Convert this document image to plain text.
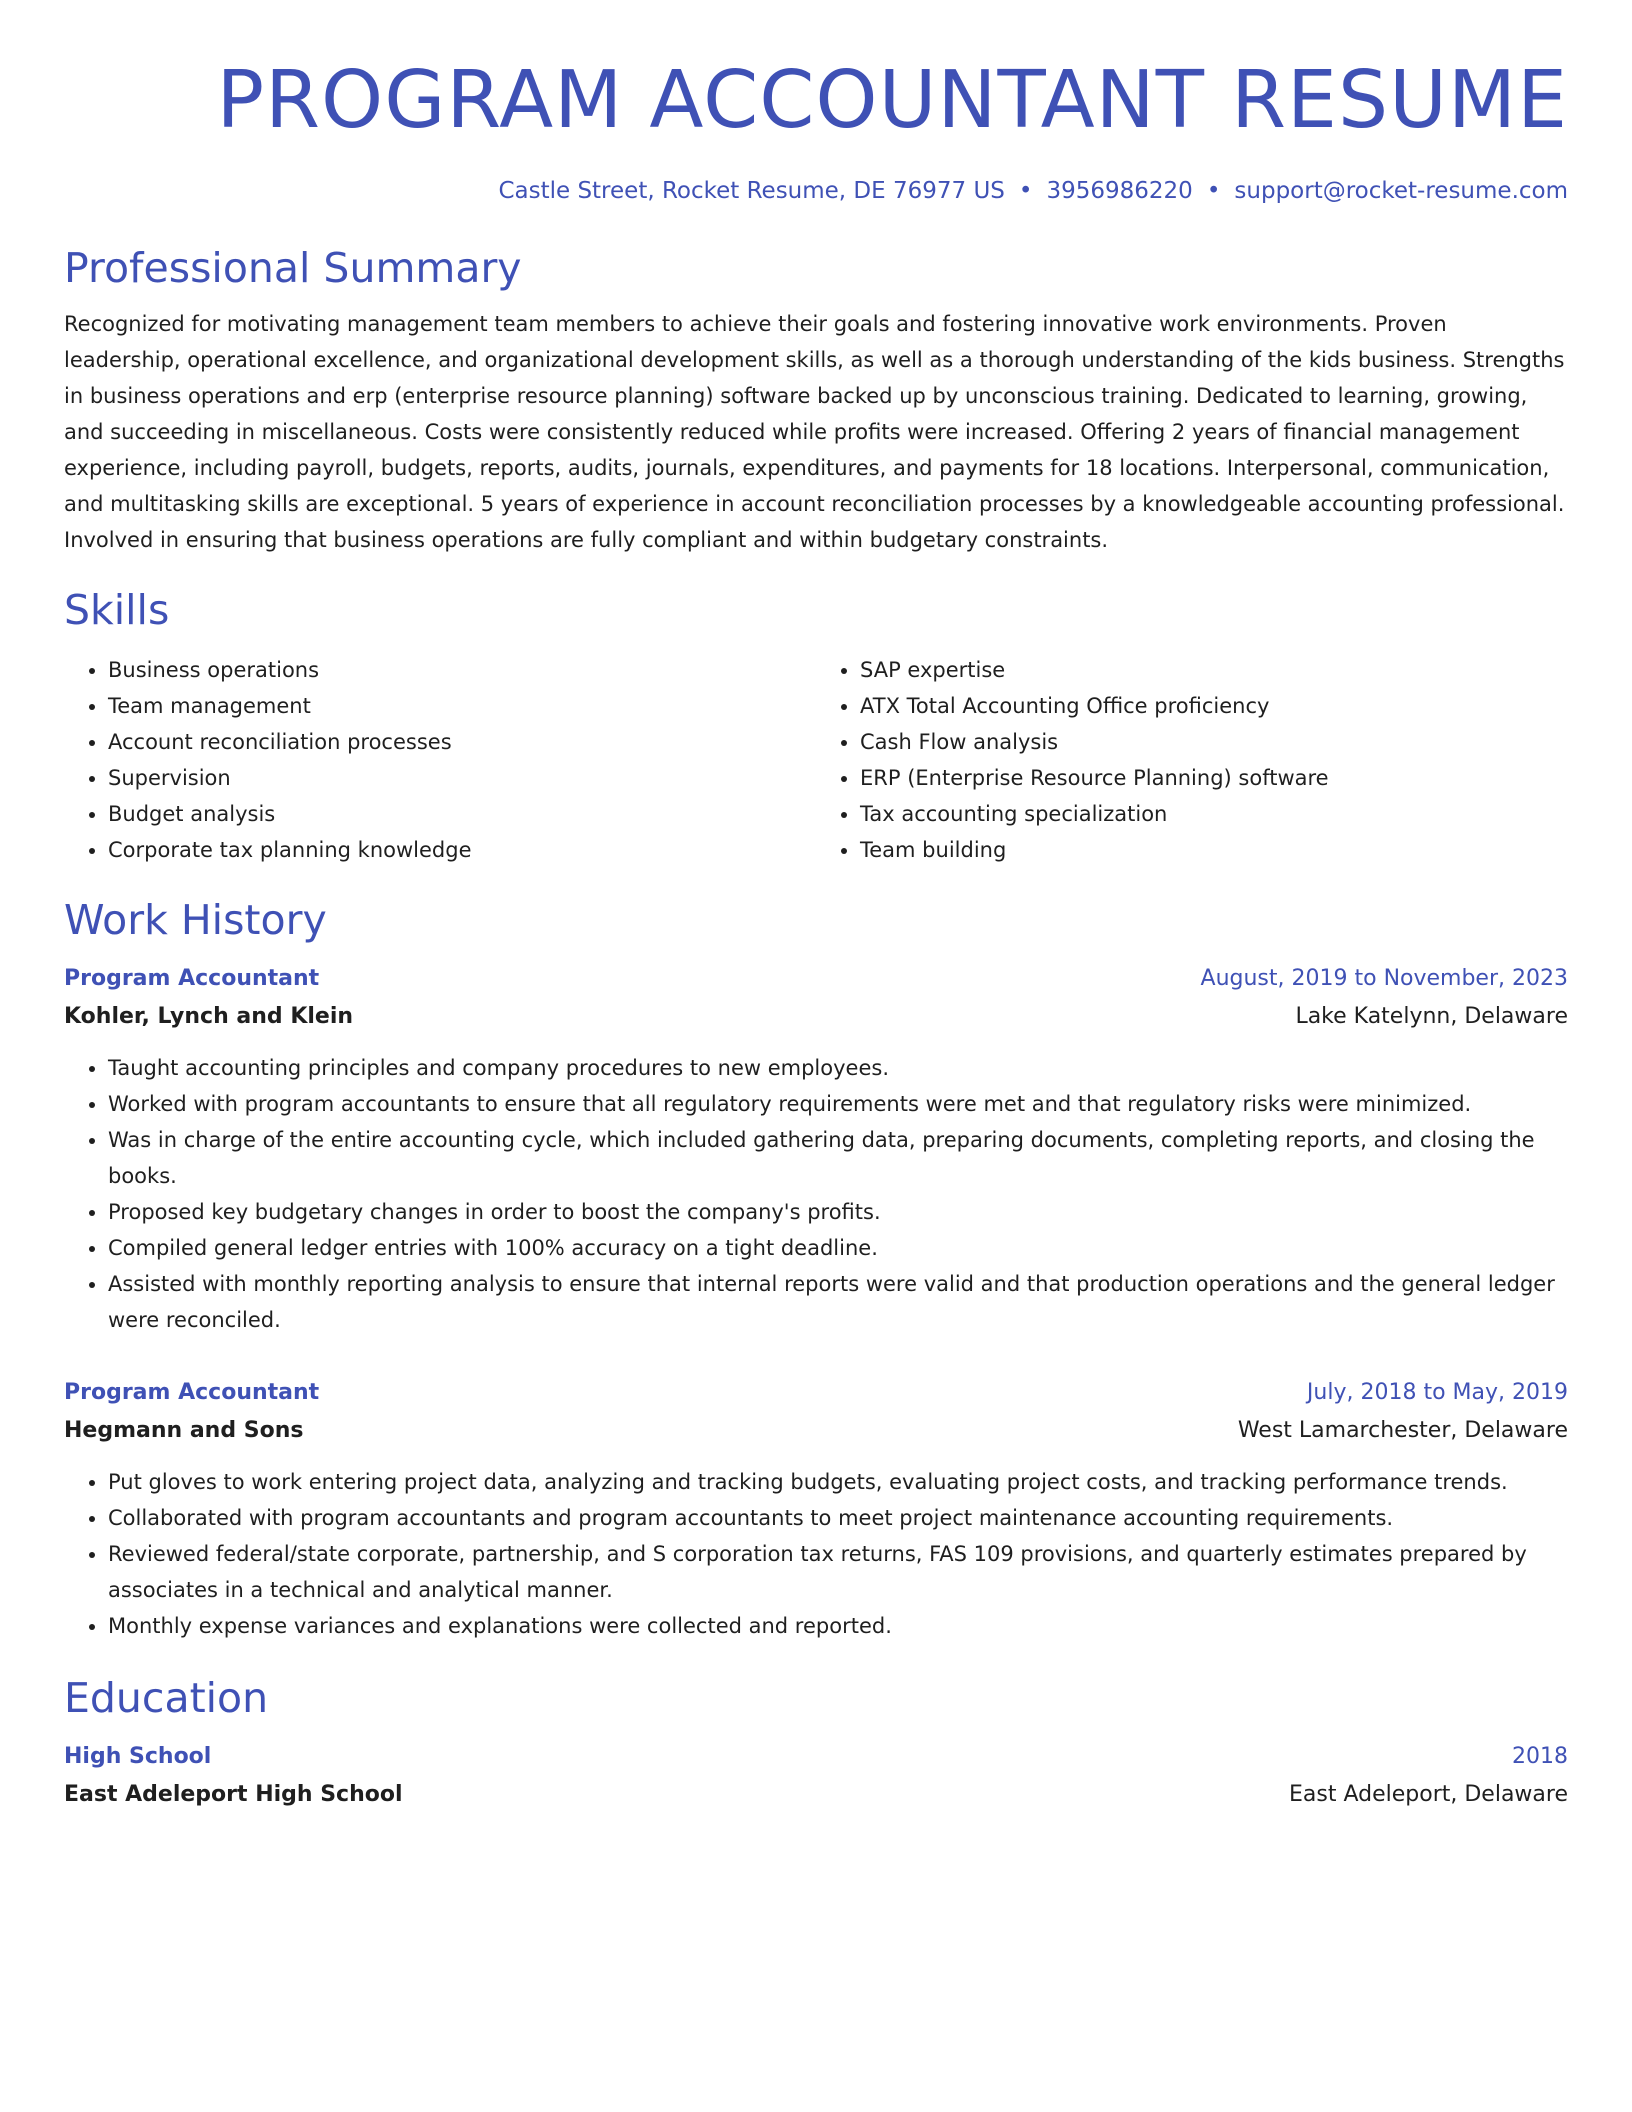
PROGRAM ACCOUNTANT RESUME
Castle Street, Rocket Resume, DE 76977 US • 3956986220 • support@rocket-resume.com
Professional Summary

Recognized for motivating management team members to achieve their goals and fostering innovative work environments. Proven leadership, operational excellence, and organizational development skills, as well as a thorough understanding of the kids business. Strengths in business operations and erp (enterprise resource planning) software backed up by unconscious training. Dedicated to learning, growing, and succeeding in miscellaneous. Costs were consistently reduced while profits were increased. Offering 2 years of financial management experience, including payroll, budgets, reports, audits, journals, expenditures, and payments for 18 locations. Interpersonal, communication, and multitasking skills are exceptional. 5 years of experience in account reconciliation processes by a knowledgeable accounting professional. Involved in ensuring that business operations are fully compliant and within budgetary constraints.

Skills
• Business operations
• Team management
• Account reconciliation processes
• Supervision
• Budget analysis
• Corporate tax planning knowledge
• SAP expertise
• ATX Total Accounting Office proficiency
• Cash Flow analysis
• ERP (Enterprise Resource Planning) software
• Tax accounting specialization
• Team building
Work History
Program Accountant	August, 2019 to November, 2023
Kohler, Lynch and Klein	Lake Katelynn, Delaware
• Taught accounting principles and company procedures to new employees.
• Worked with program accountants to ensure that all regulatory requirements were met and that regulatory risks were minimized.
• Was in charge of the entire accounting cycle, which included gathering data, preparing documents, completing reports, and closing the books.
• Proposed key budgetary changes in order to boost the company's profits.
• Compiled general ledger entries with 100% accuracy on a tight deadline.
• Assisted with monthly reporting analysis to ensure that internal reports were valid and that production operations and the general ledger were reconciled.
Program Accountant	July, 2018 to May, 2019
Hegmann and Sons	West Lamarchester, Delaware
• Put gloves to work entering project data, analyzing and tracking budgets, evaluating project costs, and tracking performance trends.
• Collaborated with program accountants and program accountants to meet project maintenance accounting requirements.
• Reviewed federal/state corporate, partnership, and S corporation tax returns, FAS 109 provisions, and quarterly estimates prepared by associates in a technical and analytical manner.
• Monthly expense variances and explanations were collected and reported.
Education
High School	2018
East Adeleport High School	East Adeleport, Delaware
